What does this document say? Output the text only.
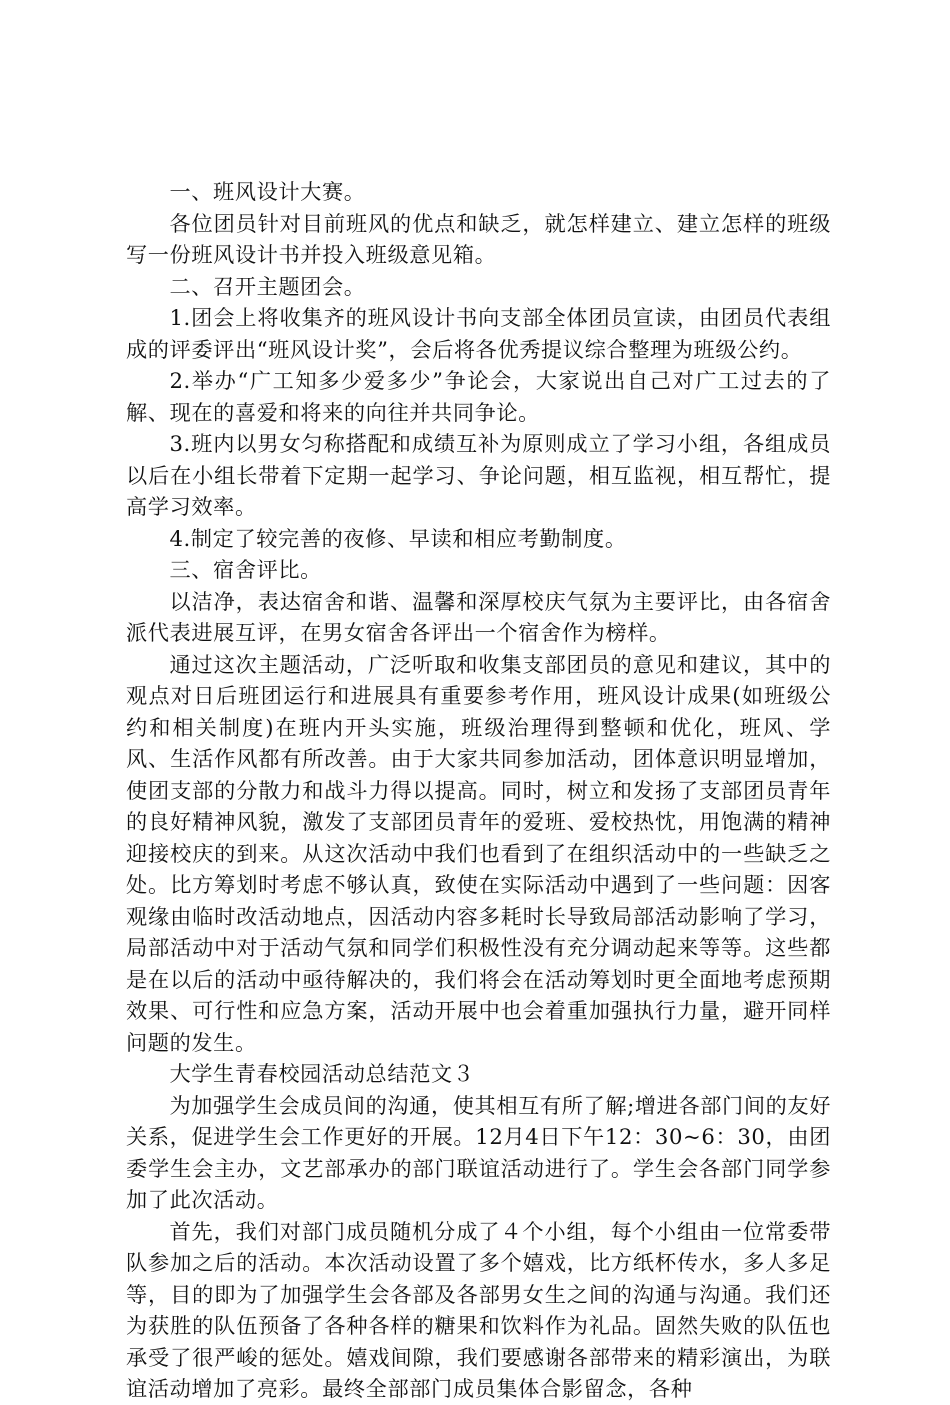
一、班风设计大赛。

各位团员针对目前班风的优点和缺乏，就怎样建立、建立怎样的班级写一份班风设计书并投入班级意见箱。

二、召开主题团会。

1.团会上将收集齐的班风设计书向支部全体团员宣读，由团员代表组成的评委评出“班风设计奖”，会后将各优秀提议综合整理为班级公约。

2.举办“广工知多少爱多少”争论会，大家说出自己对广工过去的了解、现在的喜爱和将来的向往并共同争论。

3.班内以男女匀称搭配和成绩互补为原则成立了学习小组，各组成员以后在小组长带着下定期一起学习、争论问题，相互监视，相互帮忙，提高学习效率。

4.制定了较完善的夜修、早读和相应考勤制度。

三、宿舍评比。

以洁净，表达宿舍和谐、温馨和深厚校庆气氛为主要评比，由各宿舍派代表进展互评，在男女宿舍各评出一个宿舍作为榜样。

通过这次主题活动，广泛听取和收集支部团员的意见和建议，其中的观点对日后班团运行和进展具有重要参考作用，班风设计成果(如班级公约和相关制度)在班内开头实施，班级治理得到整顿和优化，班风、学风、生活作风都有所改善。由于大家共同参加活动，团体意识明显增加，使团支部的分散力和战斗力得以提高。同时，树立和发扬了支部团员青年的良好精神风貌，激发了支部团员青年的爱班、爱校热忱，用饱满的精神迎接校庆的到来。从这次活动中我们也看到了在组织活动中的一些缺乏之处。比方筹划时考虑不够认真，致使在实际活动中遇到了一些问题：因客观缘由临时改活动地点，因活动内容多耗时长导致局部活动影响了学习，局部活动中对于活动气氛和同学们积极性没有充分调动起来等等。这些都是在以后的活动中亟待解决的，我们将会在活动筹划时更全面地考虑预期效果、可行性和应急方案，活动开展中也会着重加强执行力量，避开同样问题的发生。

大学生青春校园活动总结范文３

为加强学生会成员间的沟通，使其相互有所了解;增进各部门间的友好关系，促进学生会工作更好的开展。12月4日下午12：30~6：30，由团委学生会主办，文艺部承办的部门联谊活动进行了。学生会各部门同学参加了此次活动。

首先，我们对部门成员随机分成了４个小组，每个小组由一位常委带队参加之后的活动。本次活动设置了多个嬉戏，比方纸杯传水，多人多足等，目的即为了加强学生会各部及各部男女生之间的沟通与沟通。我们还为获胜的队伍预备了各种各样的糖果和饮料作为礼品。固然失败的队伍也承受了很严峻的惩处。嬉戏间隙，我们要感谢各部带来的精彩演出，为联谊活动增加了亮彩。最终全部部门成员集体合影留念，各种
